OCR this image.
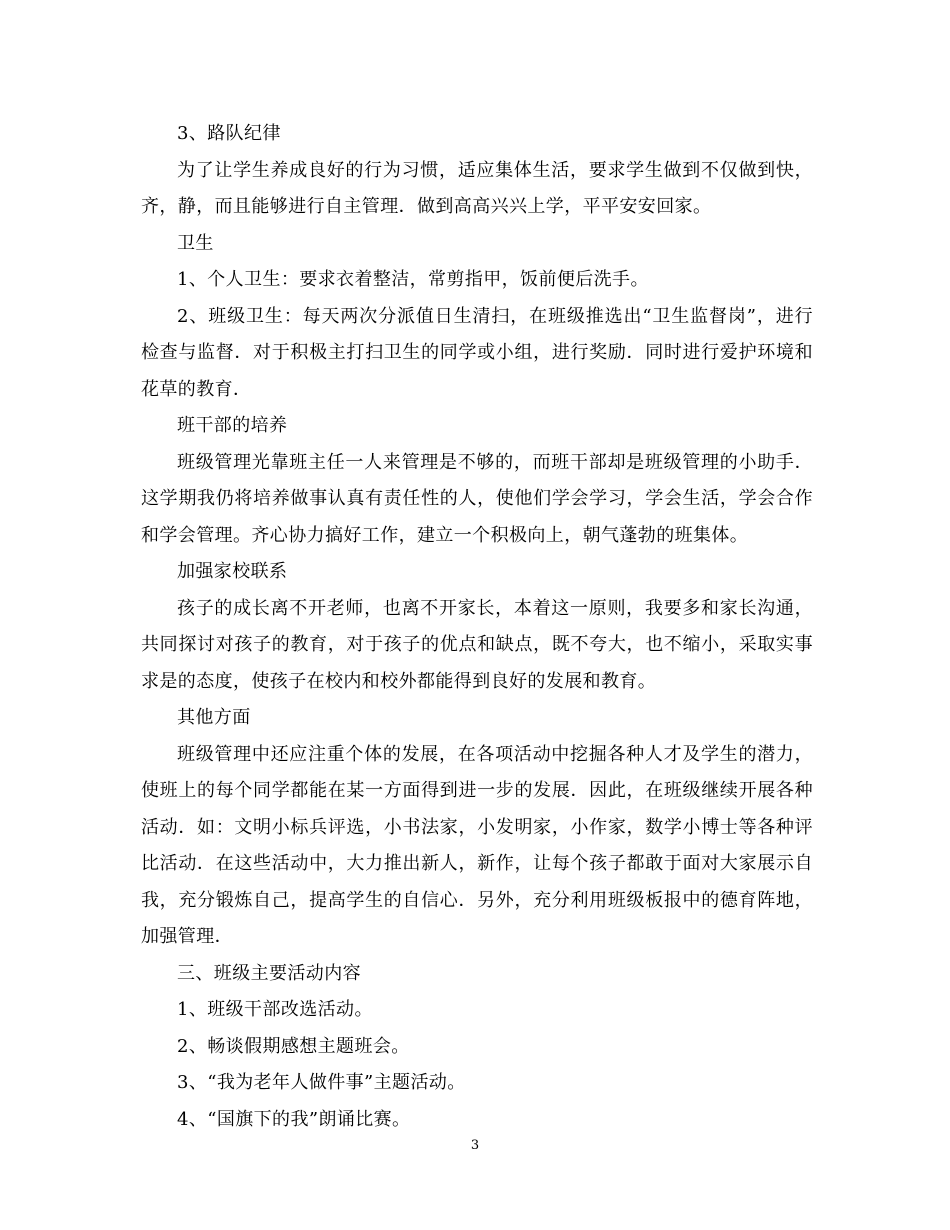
3、路队纪律

为了让学生养成良好的行为习惯，适应集体生活，要求学生做到不仅做到快，齐，静，而且能够进行自主管理．做到高高兴兴上学，平平安安回家。

卫生

1、个人卫生：要求衣着整洁，常剪指甲，饭前便后洗手。

2、班级卫生：每天两次分派值日生清扫，在班级推选出“卫生监督岗”，进行检查与监督．对于积极主打扫卫生的同学或小组，进行奖励．同时进行爱护环境和花草的教育．

班干部的培养

班级管理光靠班主任一人来管理是不够的，而班干部却是班级管理的小助手．这学期我仍将培养做事认真有责任性的人，使他们学会学习，学会生活，学会合作和学会管理。齐心协力搞好工作，建立一个积极向上，朝气蓬勃的班集体。

加强家校联系

孩子的成长离不开老师，也离不开家长，本着这一原则，我要多和家长沟通，共同探讨对孩子的教育，对于孩子的优点和缺点，既不夸大，也不缩小，采取实事求是的态度，使孩子在校内和校外都能得到良好的发展和教育。

其他方面

班级管理中还应注重个体的发展，在各项活动中挖掘各种人才及学生的潜力，使班上的每个同学都能在某一方面得到进一步的发展．因此，在班级继续开展各种活动．如：文明小标兵评选，小书法家，小发明家，小作家，数学小博士等各种评比活动．在这些活动中，大力推出新人，新作，让每个孩子都敢于面对大家展示自我，充分锻炼自己，提高学生的自信心．另外，充分利用班级板报中的德育阵地，加强管理．

三、班级主要活动内容

1、班级干部改选活动。

2、畅谈假期感想主题班会。

3、“我为老年人做件事”主题活动。

4、“国旗下的我”朗诵比赛。

3
